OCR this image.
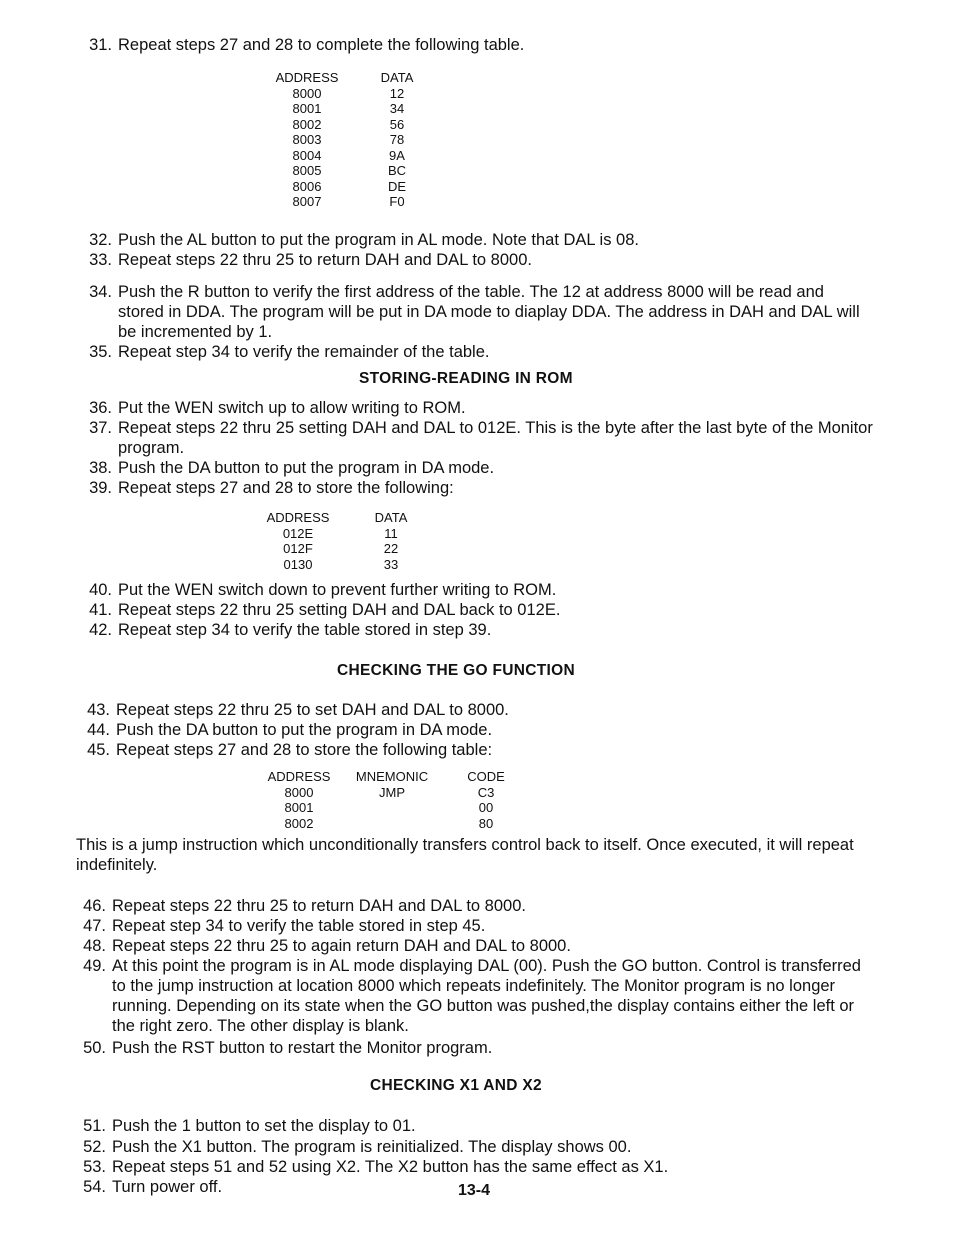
31. Repeat steps 27 and 28 to complete the following table.
ADDRESS	DATA
8000	12
8001	34
8002	56
8003	78
8004	9A
8005	BC
8006	DE
8007	F0
32. Push the AL button to put the program in AL mode. Note that DAL is 08.
33. Repeat steps 22 thru 25 to return DAH and DAL to 8000.
34. Push the R button to verify the first address of the table. The 12 at address 8000 will be read and stored in DDA. The program will be put in DA mode to diaplay DDA. The address in DAH and DAL will be incremented by 1.
35. Repeat step 34 to verify the remainder of the table.
STORING-READING IN ROM
36. Put the WEN switch up to allow writing to ROM.
37. Repeat steps 22 thru 25 setting DAH and DAL to 012E. This is the byte after the last byte of the Monitor program.
38. Push the DA button to put the program in DA mode.
39. Repeat steps 27 and 28 to store the following:
ADDRESS	DATA
012E	11
012F	22
0130	33
40. Put the WEN switch down to prevent further writing to ROM.
41. Repeat steps 22 thru 25 setting DAH and DAL back to 012E.
42. Repeat step 34 to verify the table stored in step 39.
CHECKING THE GO FUNCTION
43. Repeat steps 22 thru 25 to set DAH and DAL to 8000.
44. Push the DA button to put the program in DA mode.
45. Repeat steps 27 and 28 to store the following table:
ADDRESS	MNEMONIC	CODE
8000	JMP	C3
8001		00
8002		80
This is a jump instruction which unconditionally transfers control back to itself. Once executed, it will repeat indefinitely.
46. Repeat steps 22 thru 25 to return DAH and DAL to 8000.
47. Repeat step 34 to verify the table stored in step 45.
48. Repeat steps 22 thru 25 to again return DAH and DAL to 8000.
49. At this point the program is in AL mode displaying DAL (00). Push the GO button. Control is transferred to the jump instruction at location 8000 which repeats indefinitely. The Monitor program is no longer running. Depending on its state when the GO button was pushed,the display contains either the left or the right zero. The other display is blank.
50. Push the RST button to restart the Monitor program.
CHECKING X1 AND X2
51. Push the 1 button to set the display to 01.
52. Push the X1 button. The program is reinitialized. The display shows 00.
53. Repeat steps 51 and 52 using X2. The X2 button has the same effect as X1.
54. Turn power off.	13-4
